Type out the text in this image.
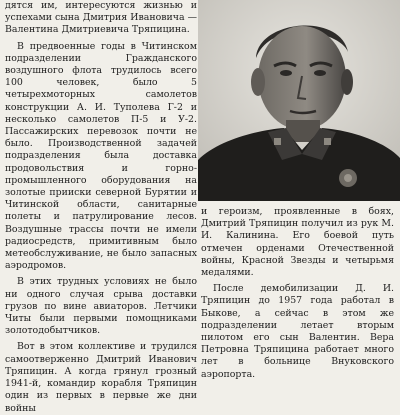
дятся им, интересуются жизнью и успехами сына Дмитрия Ивановича — Валентина Дмитриевича Тряпицина.

В предвоенные годы в Читинском подразделении Гражданского воздушного флота трудилось всего 100 человек, было 5 четырехмоторных самолетов конструкции А. И. Туполева Г-2 и несколько самолетов П-5 и У-2. Пассажирских перевозок почти не было. Производственной задачей подразделения была доставка продовольствия и горно-промышленного оборудования на золотые прииски северной Бурятии и Читинской области, санитарные полеты и патрулирование лесов. Воздушные трассы почти не имели радиосредств, примитивным было метеобслуживание, не было запасных аэродромов.

В этих трудных условиях не было ни одного случая срыва доставки грузов по вине авиаторов. Летчики Читы были первыми помощниками золотодобытчиков.

Вот в этом коллективе и трудился самоотверженно Дмитрий Иванович Тряпицин. А когда грянул грозный 1941-й, командир корабля Тряпицин один из первых в первые же дни войны

и героизм, проявленные в боях, Дмитрий Тряпицин получил из рук М. И. Калинина. Его боевой путь отмечен орденами Отечественной войны, Красной Звезды и четырьмя медалями.

После демобилизации Д. И. Тряпицин до 1957 года работал в Быкове, а сейчас в этом же подразделении летает вторым пилотом его сын Валентин. Вера Петровна Тряпицина работает много лет в больнице Внуковского аэропорта.
